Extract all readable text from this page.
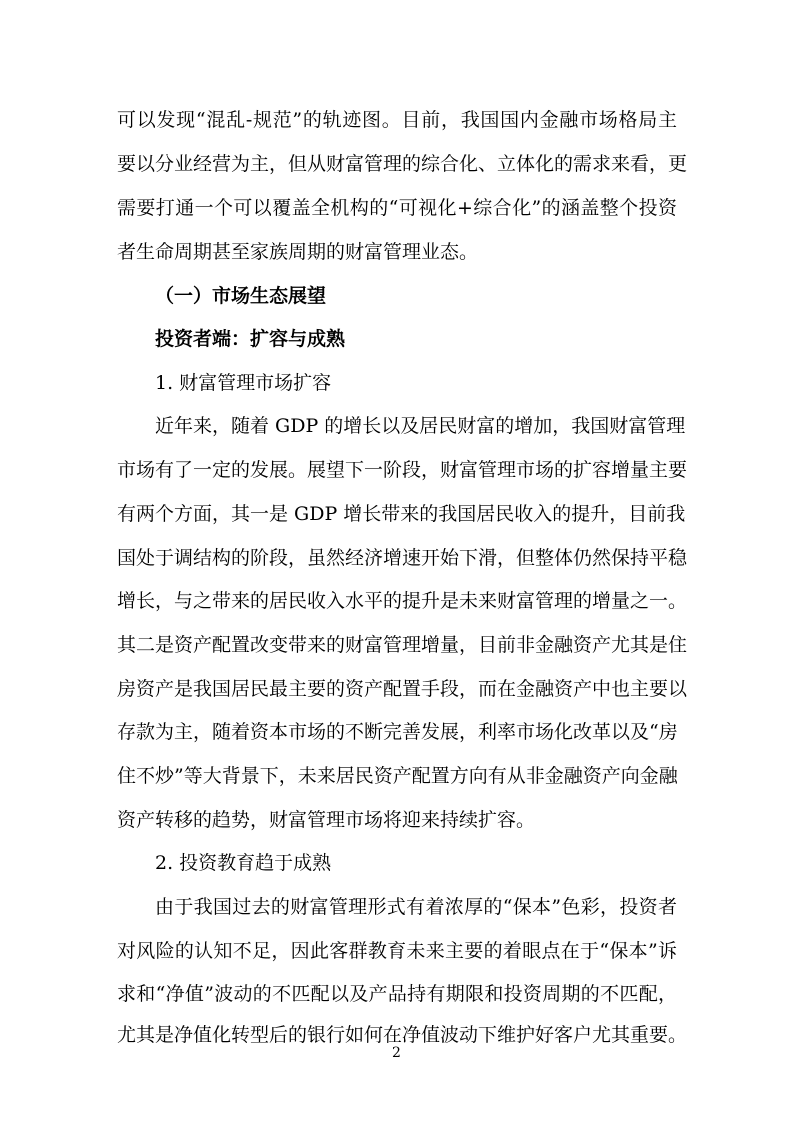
可以发现“混乱-规范”的轨迹图。目前，我国国内金融市场格局主
要以分业经营为主，但从财富管理的综合化、立体化的需求来看，更
需要打通一个可以覆盖全机构的“可视化+综合化”的涵盖整个投资
者生命周期甚至家族周期的财富管理业态。
（一）市场生态展望
投资者端：扩容与成熟
1. 财富管理市场扩容
近年来，随着 GDP 的增长以及居民财富的增加，我国财富管理
市场有了一定的发展。展望下一阶段，财富管理市场的扩容增量主要
有两个方面，其一是 GDP 增长带来的我国居民收入的提升，目前我
国处于调结构的阶段，虽然经济增速开始下滑，但整体仍然保持平稳
增长，与之带来的居民收入水平的提升是未来财富管理的增量之一。
其二是资产配置改变带来的财富管理增量，目前非金融资产尤其是住
房资产是我国居民最主要的资产配置手段，而在金融资产中也主要以
存款为主，随着资本市场的不断完善发展，利率市场化改革以及“房
住不炒”等大背景下，未来居民资产配置方向有从非金融资产向金融
资产转移的趋势，财富管理市场将迎来持续扩容。
2. 投资教育趋于成熟
由于我国过去的财富管理形式有着浓厚的“保本”色彩，投资者
对风险的认知不足，因此客群教育未来主要的着眼点在于“保本”诉
求和“净值”波动的不匹配以及产品持有期限和投资周期的不匹配，
尤其是净值化转型后的银行如何在净值波动下维护好客户尤其重要。
2
